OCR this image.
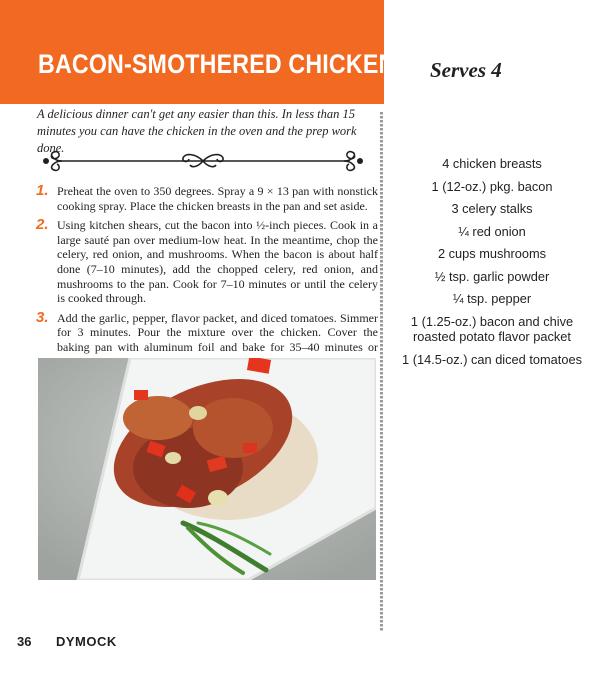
BACON-SMOTHERED CHICKEN Serves 4
A delicious dinner can't get any easier than this. In less than 15 minutes you can have the chicken in the oven and the prep work done.
1. Preheat the oven to 350 degrees. Spray a 9 × 13 pan with nonstick cooking spray. Place the chicken breasts in the pan and set aside.
2. Using kitchen shears, cut the bacon into ½-inch pieces. Cook in a large sauté pan over medium-low heat. In the meantime, chop the celery, red onion, and mushrooms. When the bacon is about half done (7–10 minutes), add the chopped celery, red onion, and mushrooms to the pan. Cook for 7–10 minutes or until the celery is cooked through.
3. Add the garlic, pepper, flavor packet, and diced tomatoes. Simmer for 3 minutes. Pour the mixture over the chicken. Cover the baking pan with aluminum foil and bake for 35–40 minutes or
4 chicken breasts
1 (12-oz.) pkg. bacon
3 celery stalks
¼ red onion
2 cups mushrooms
½ tsp. garlic powder
¼ tsp. pepper
1 (1.25-oz.) bacon and chive roasted potato flavor packet
1 (14.5-oz.) can diced tomatoes
36 DYMOCK
